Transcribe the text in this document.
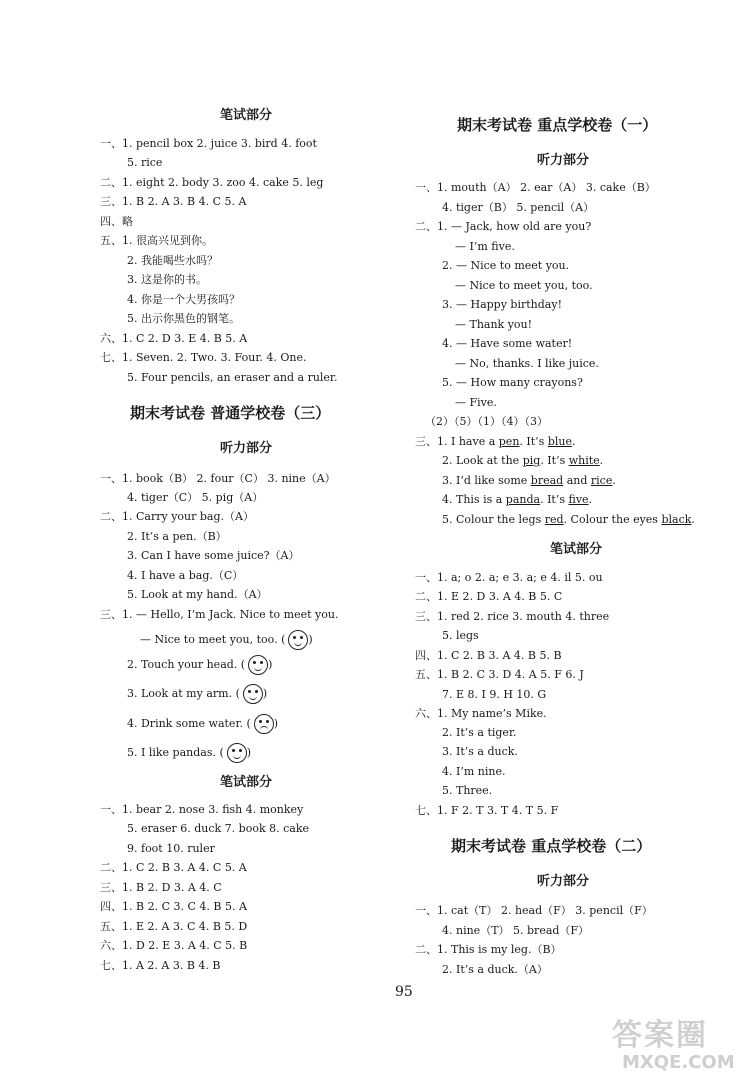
笔试部分
一、1. pencil box 2. juice 3. bird 4. foot
5. rice
二、1. eight 2. body 3. zoo 4. cake 5. leg
三、1. B 2. A 3. B 4. C 5. A
四、略
五、1. 很高兴见到你。
2. 我能喝些水吗？
3. 这是你的书。
4. 你是一个大男孩吗？
5. 出示你黑色的钢笔。
六、1. C 2. D 3. E 4. B 5. A
七、1. Seven. 2. Two. 3. Four. 4. One.
5. Four pencils, an eraser and a ruler.
期末考试卷 普通学校卷（三）
听力部分
一、1. book（B） 2. four（C） 3. nine（A）
4. tiger（C） 5. pig（A）
二、1. Carry your bag.（A）
2. It’s a pen.（B）
3. Can I have some juice?（A）
4. I have a bag.（C）
5. Look at my hand.（A）
三、1. — Hello, I’m Jack. Nice to meet you.
— Nice to meet you, too. ( )
2. Touch your head. ( )
3. Look at my arm. ( )
4. Drink some water. ( )
5. I like pandas. ( )
笔试部分
一、1. bear 2. nose 3. fish 4. monkey
5. eraser 6. duck 7. book 8. cake
9. foot 10. ruler
二、1. C 2. B 3. A 4. C 5. A
三、1. B 2. D 3. A 4. C
四、1. B 2. C 3. C 4. B 5. A
五、1. E 2. A 3. C 4. B 5. D
六、1. D 2. E 3. A 4. C 5. B
七、1. A 2. A 3. B 4. B
期末考试卷 重点学校卷（一）
听力部分
一、1. mouth（A） 2. ear（A） 3. cake（B）
4. tiger（B） 5. pencil（A）
二、1. — Jack, how old are you?
— I’m five.
2. — Nice to meet you.
— Nice to meet you, too.
3. — Happy birthday!
— Thank you!
4. — Have some water!
— No, thanks. I like juice.
5. — How many crayons?
— Five.
（2）（5）（1）（4）（3）
三、1. I have a pen. It’s blue.
2. Look at the pig. It’s white.
3. I’d like some bread and rice.
4. This is a panda. It’s five.
5. Colour the legs red. Colour the eyes black.
笔试部分
一、1. a; o 2. a; e 3. a; e 4. il 5. ou
二、1. E 2. D 3. A 4. B 5. C
三、1. red 2. rice 3. mouth 4. three
5. legs
四、1. C 2. B 3. A 4. B 5. B
五、1. B 2. C 3. D 4. A 5. F 6. J
7. E 8. I 9. H 10. G
六、1. My name’s Mike.
2. It’s a tiger.
3. It’s a duck.
4. I’m nine.
5. Three.
七、1. F 2. T 3. T 4. T 5. F
期末考试卷 重点学校卷（二）
听力部分
一、1. cat（T） 2. head（F） 3. pencil（F）
4. nine（T） 5. bread（F）
二、1. This is my leg.（B）
2. It’s a duck.（A）
95
答案圈
MXQE.COM
